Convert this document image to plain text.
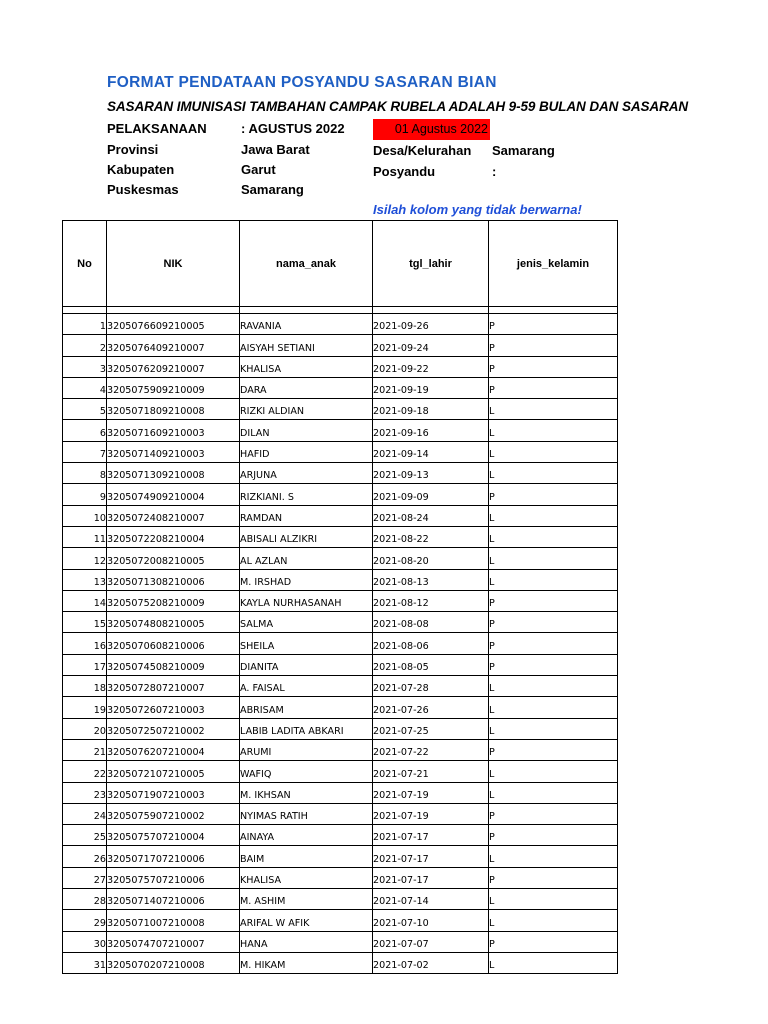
FORMAT PENDATAAN POSYANDU SASARAN BIAN
SASARAN IMUNISASI TAMBAHAN CAMPAK RUBELA ADALAH 9-59 BULAN DAN SASARAN
PELAKSANAAN	: AGUSTUS 2022	01 Agustus 2022
Provinsi	Jawa Barat	Desa/Kelurahan Samarang
Kabupaten	Garut	Posyandu	:
Puskesmas	Samarang
Isilah kolom yang tidak berwarna!
No	NIK	nama_anak	tgl_lahir	jenis_kelamin

1	3205076609210005	RAVANIA	2021-09-26	P
2	3205076409210007	AISYAH SETIANI	2021-09-24	P
3	3205076209210007	KHALISA	2021-09-22	P
4	3205075909210009	DARA	2021-09-19	P
5	3205071809210008	RIZKI ALDIAN	2021-09-18	L
6	3205071609210003	DILAN	2021-09-16	L
7	3205071409210003	HAFID	2021-09-14	L
8	3205071309210008	ARJUNA	2021-09-13	L
9	3205074909210004	RIZKIANI. S	2021-09-09	P
10	3205072408210007	RAMDAN	2021-08-24	L
11	3205072208210004	ABISALI ALZIKRI	2021-08-22	L
12	3205072008210005	AL AZLAN	2021-08-20	L
13	3205071308210006	M. IRSHAD	2021-08-13	L
14	3205075208210009	KAYLA NURHASANAH	2021-08-12	P
15	3205074808210005	SALMA	2021-08-08	P
16	3205070608210006	SHEILA	2021-08-06	P
17	3205074508210009	DIANITA	2021-08-05	P
18	3205072807210007	A. FAISAL	2021-07-28	L
19	3205072607210003	ABRISAM	2021-07-26	L
20	3205072507210002	LABIB LADITA ABKARI	2021-07-25	L
21	3205076207210004	ARUMI	2021-07-22	P
22	3205072107210005	WAFIQ	2021-07-21	L
23	3205071907210003	M. IKHSAN	2021-07-19	L
24	3205075907210002	NYIMAS RATIH	2021-07-19	P
25	3205075707210004	AINAYA	2021-07-17	P
26	3205071707210006	BAIM	2021-07-17	L
27	3205075707210006	KHALISA	2021-07-17	P
28	3205071407210006	M. ASHIM	2021-07-14	L
29	3205071007210008	ARIFAL W AFIK	2021-07-10	L
30	3205074707210007	HANA	2021-07-07	P
31	3205070207210008	M. HIKAM	2021-07-02	L
